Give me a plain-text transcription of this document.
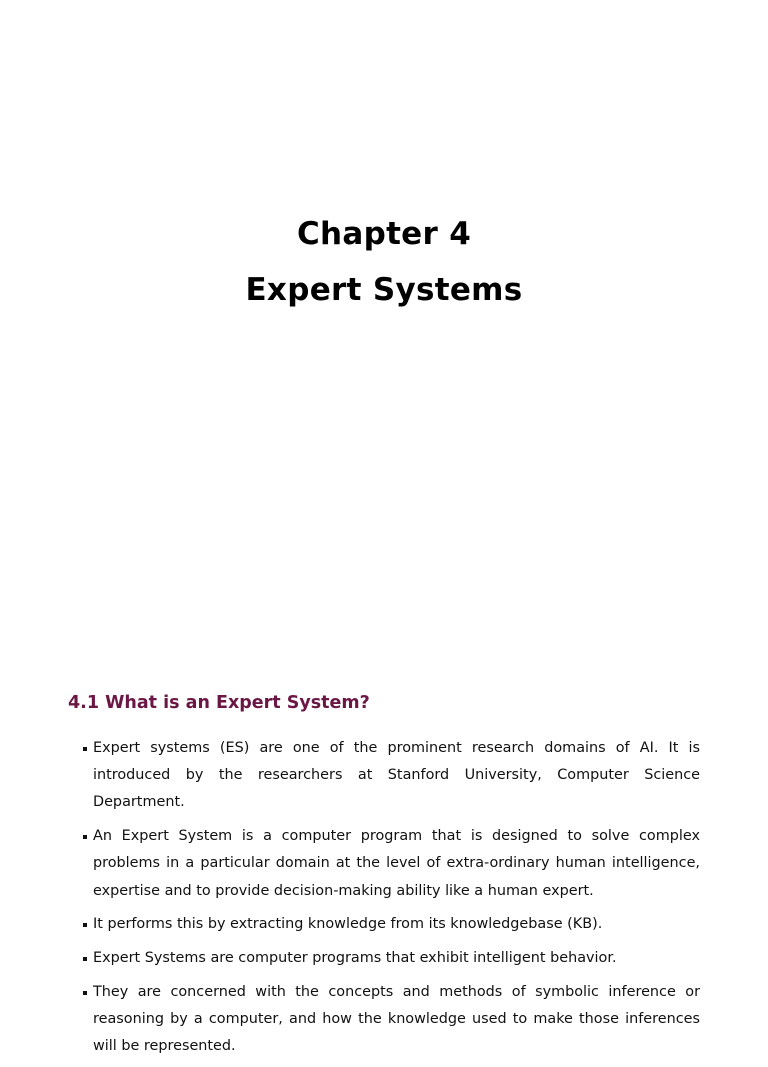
Chapter 4
Expert Systems
4.1 What is an Expert System?
Expert systems (ES) are one of the prominent research domains of AI. It is introduced by the researchers at Stanford University, Computer Science Department.
An Expert System is a computer program that is designed to solve complex problems in a particular domain at the level of extra-ordinary human intelligence, expertise and to provide decision-making ability like a human expert.
It performs this by extracting knowledge from its knowledgebase (KB).
Expert Systems are computer programs that exhibit intelligent behavior.
They are concerned with the concepts and methods of symbolic inference or reasoning by a computer, and how the knowledge used to make those inferences will be represented.
